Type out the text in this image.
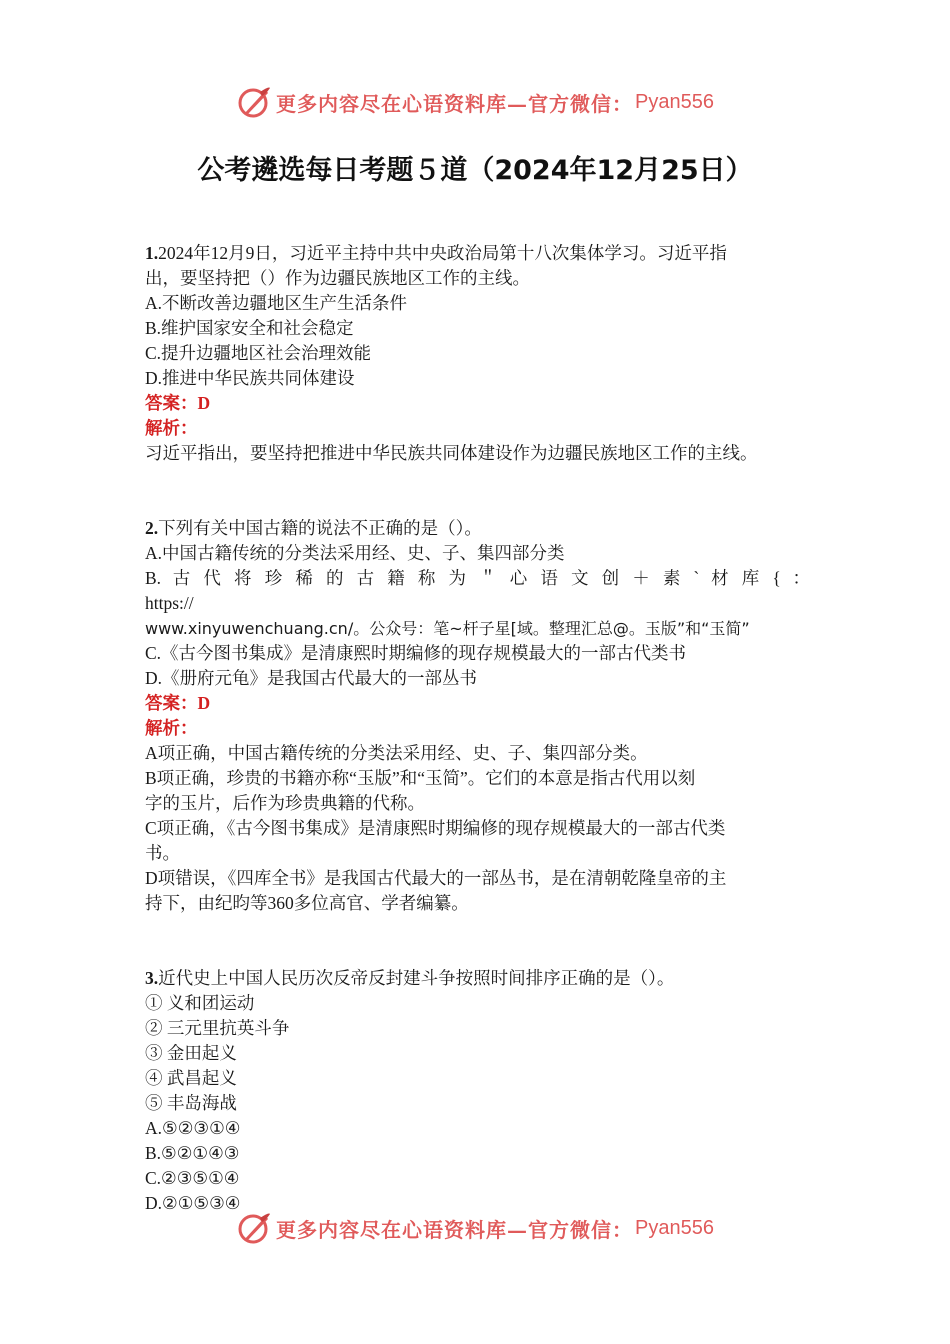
更多内容尽在心语资料库—官方微信： Pyan556
公考遴选每日考题５道（2024年12月25日）

1.2024年12月9日，习近平主持中共中央政治局第十八次集体学习。习近平指

出，要坚持把（）作为边疆民族地区工作的主线。

A.不断改善边疆地区生产生活条件

B.维护国家安全和社会稳定

C.提升边疆地区社会治理效能

D.推进中华民族共同体建设

答案：D

解析：

习近平指出，要坚持把推进中华民族共同体建设作为边疆民族地区工作的主线。

2.下列有关中国古籍的说法不正确的是（）。

A.中国古籍传统的分类法采用经、史、子、集四部分类

B. 古 代 将 珍 稀 的 古 籍 称 为 ＂ 心 语 文 创 ＋ 素 ` 材 库 { ： https://

www.xinyuwenchuang.cn/。公众号：笔~杆子星[域。整理汇总@。玉版”和“玉简”

C.《古今图书集成》是清康熙时期编修的现存规模最大的一部古代类书

D.《册府元龟》是我国古代最大的一部丛书

答案：D

解析：

A项正确，中国古籍传统的分类法采用经、史、子、集四部分类。

B项正确，珍贵的书籍亦称“玉版”和“玉简”。它们的本意是指古代用以刻

字的玉片，后作为珍贵典籍的代称。

C项正确，《古今图书集成》是清康熙时期编修的现存规模最大的一部古代类

书。

D项错误，《四库全书》是我国古代最大的一部丛书，是在清朝乾隆皇帝的主

持下，由纪昀等360多位高官、学者编纂。

3.近代史上中国人民历次反帝反封建斗争按照时间排序正确的是（）。

① 义和团运动

② 三元里抗英斗争

③ 金田起义

④ 武昌起义

⑤ 丰岛海战

A.⑤②③①④

B.⑤②①④③

C.②③⑤①④

D.②①⑤③④

更多内容尽在心语资料库—官方微信： Pyan556
